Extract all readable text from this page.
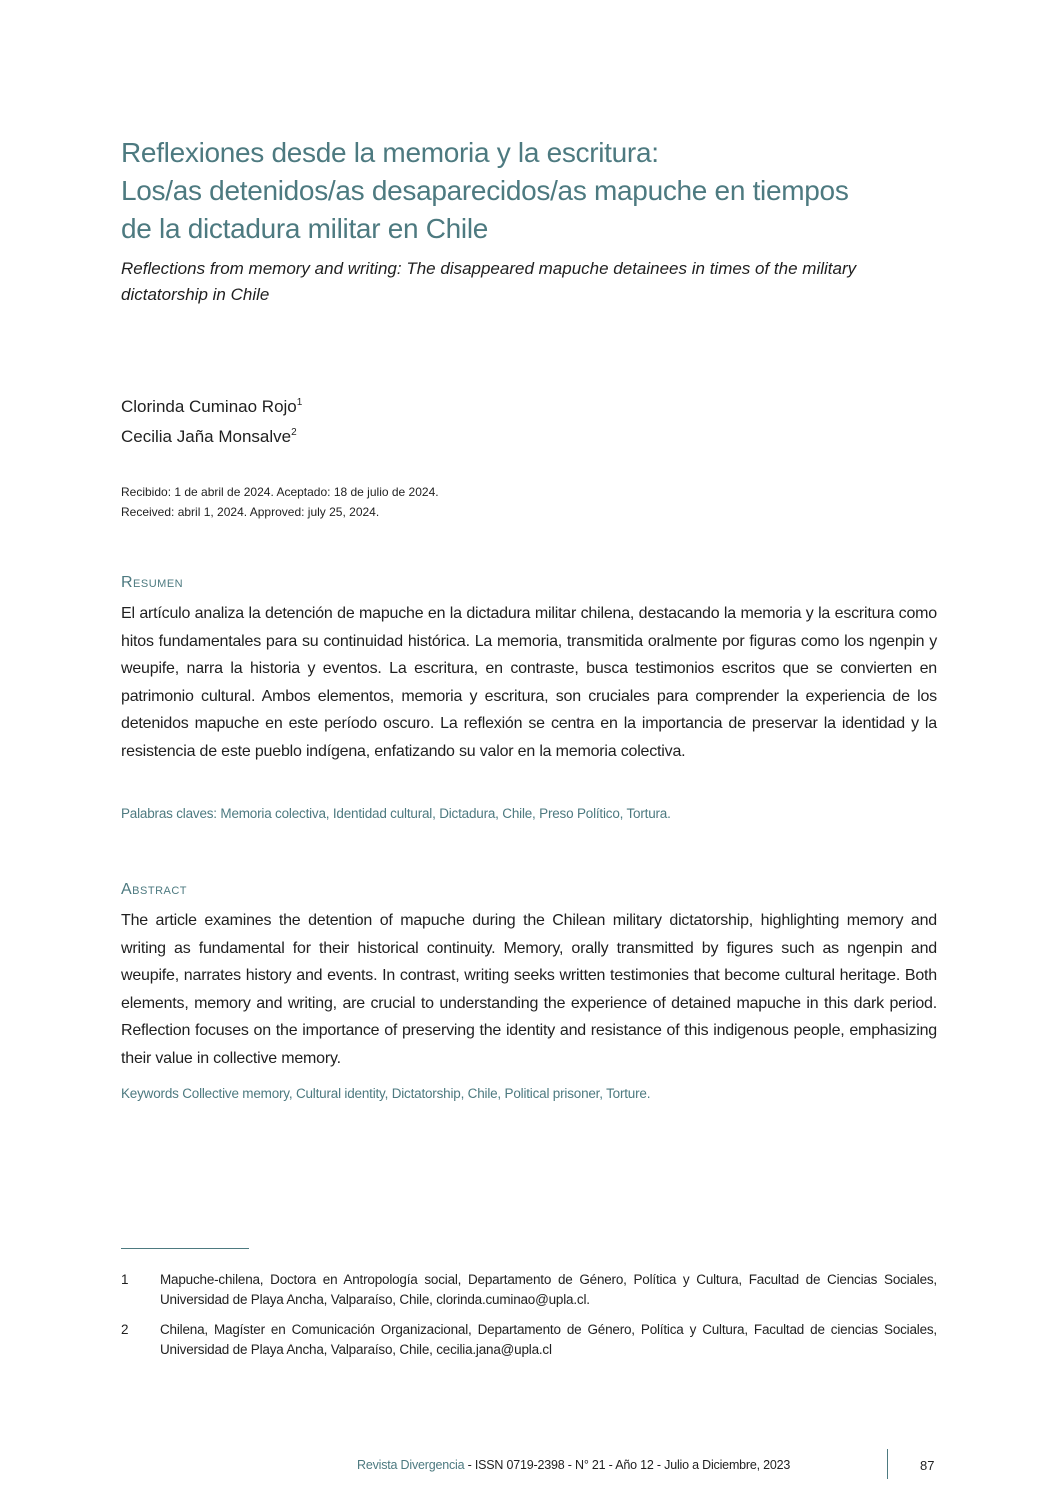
Reflexiones desde la memoria y la escritura:
Los/as detenidos/as desaparecidos/as mapuche en tiempos
de la dictadura militar en Chile
Reflections from memory and writing: The disappeared mapuche detainees in times of the military dictatorship in Chile
Clorinda Cuminao Rojo$^1$
Cecilia Jaña Monsalve$^2$
Recibido: 1 de abril de 2024. Aceptado: 18 de julio de 2024.
Received: abril 1, 2024. Approved: july 25, 2024.
Resumen
El artículo analiza la detención de mapuche en la dictadura militar chilena, destacando la memoria y la escritura como hitos fundamentales para su continuidad histórica. La memoria, transmitida oralmente por figuras como los ngenpin y weupife, narra la historia y eventos. La escritura, en contraste, busca testimonios escritos que se convierten en patrimonio cultural. Ambos elementos, memoria y escritura, son cruciales para comprender la experiencia de los detenidos mapuche en este período oscuro. La reflexión se centra en la importancia de preservar la identidad y la resistencia de este pueblo indígena, enfatizando su valor en la memoria colectiva.
Palabras claves: Memoria colectiva, Identidad cultural, Dictadura, Chile, Preso Político, Tortura.
Abstract
The article examines the detention of mapuche during the Chilean military dictatorship, highlighting memory and writing as fundamental for their historical continuity. Memory, orally transmitted by figures such as ngenpin and weupife, narrates history and events. In contrast, writing seeks written testimonies that become cultural heritage. Both elements, memory and writing, are crucial to understanding the experience of detained mapuche in this dark period. Reflection focuses on the importance of preserving the identity and resistance of this indigenous people, emphasizing their value in collective memory.
Keywords Collective memory, Cultural identity, Dictatorship, Chile, Political prisoner, Torture.
1 Mapuche-chilena, Doctora en Antropología social, Departamento de Género, Política y Cultura, Facultad de Ciencias Sociales, Universidad de Playa Ancha, Valparaíso, Chile, clorinda.cuminao@upla.cl.
2 Chilena, Magíster en Comunicación Organizacional, Departamento de Género, Política y Cultura, Facultad de ciencias Sociales, Universidad de Playa Ancha, Valparaíso, Chile, cecilia.jana@upla.cl
Revista Divergencia - ISSN 0719-2398 - N° 21 - Año 12 - Julio a Diciembre, 2023	87
